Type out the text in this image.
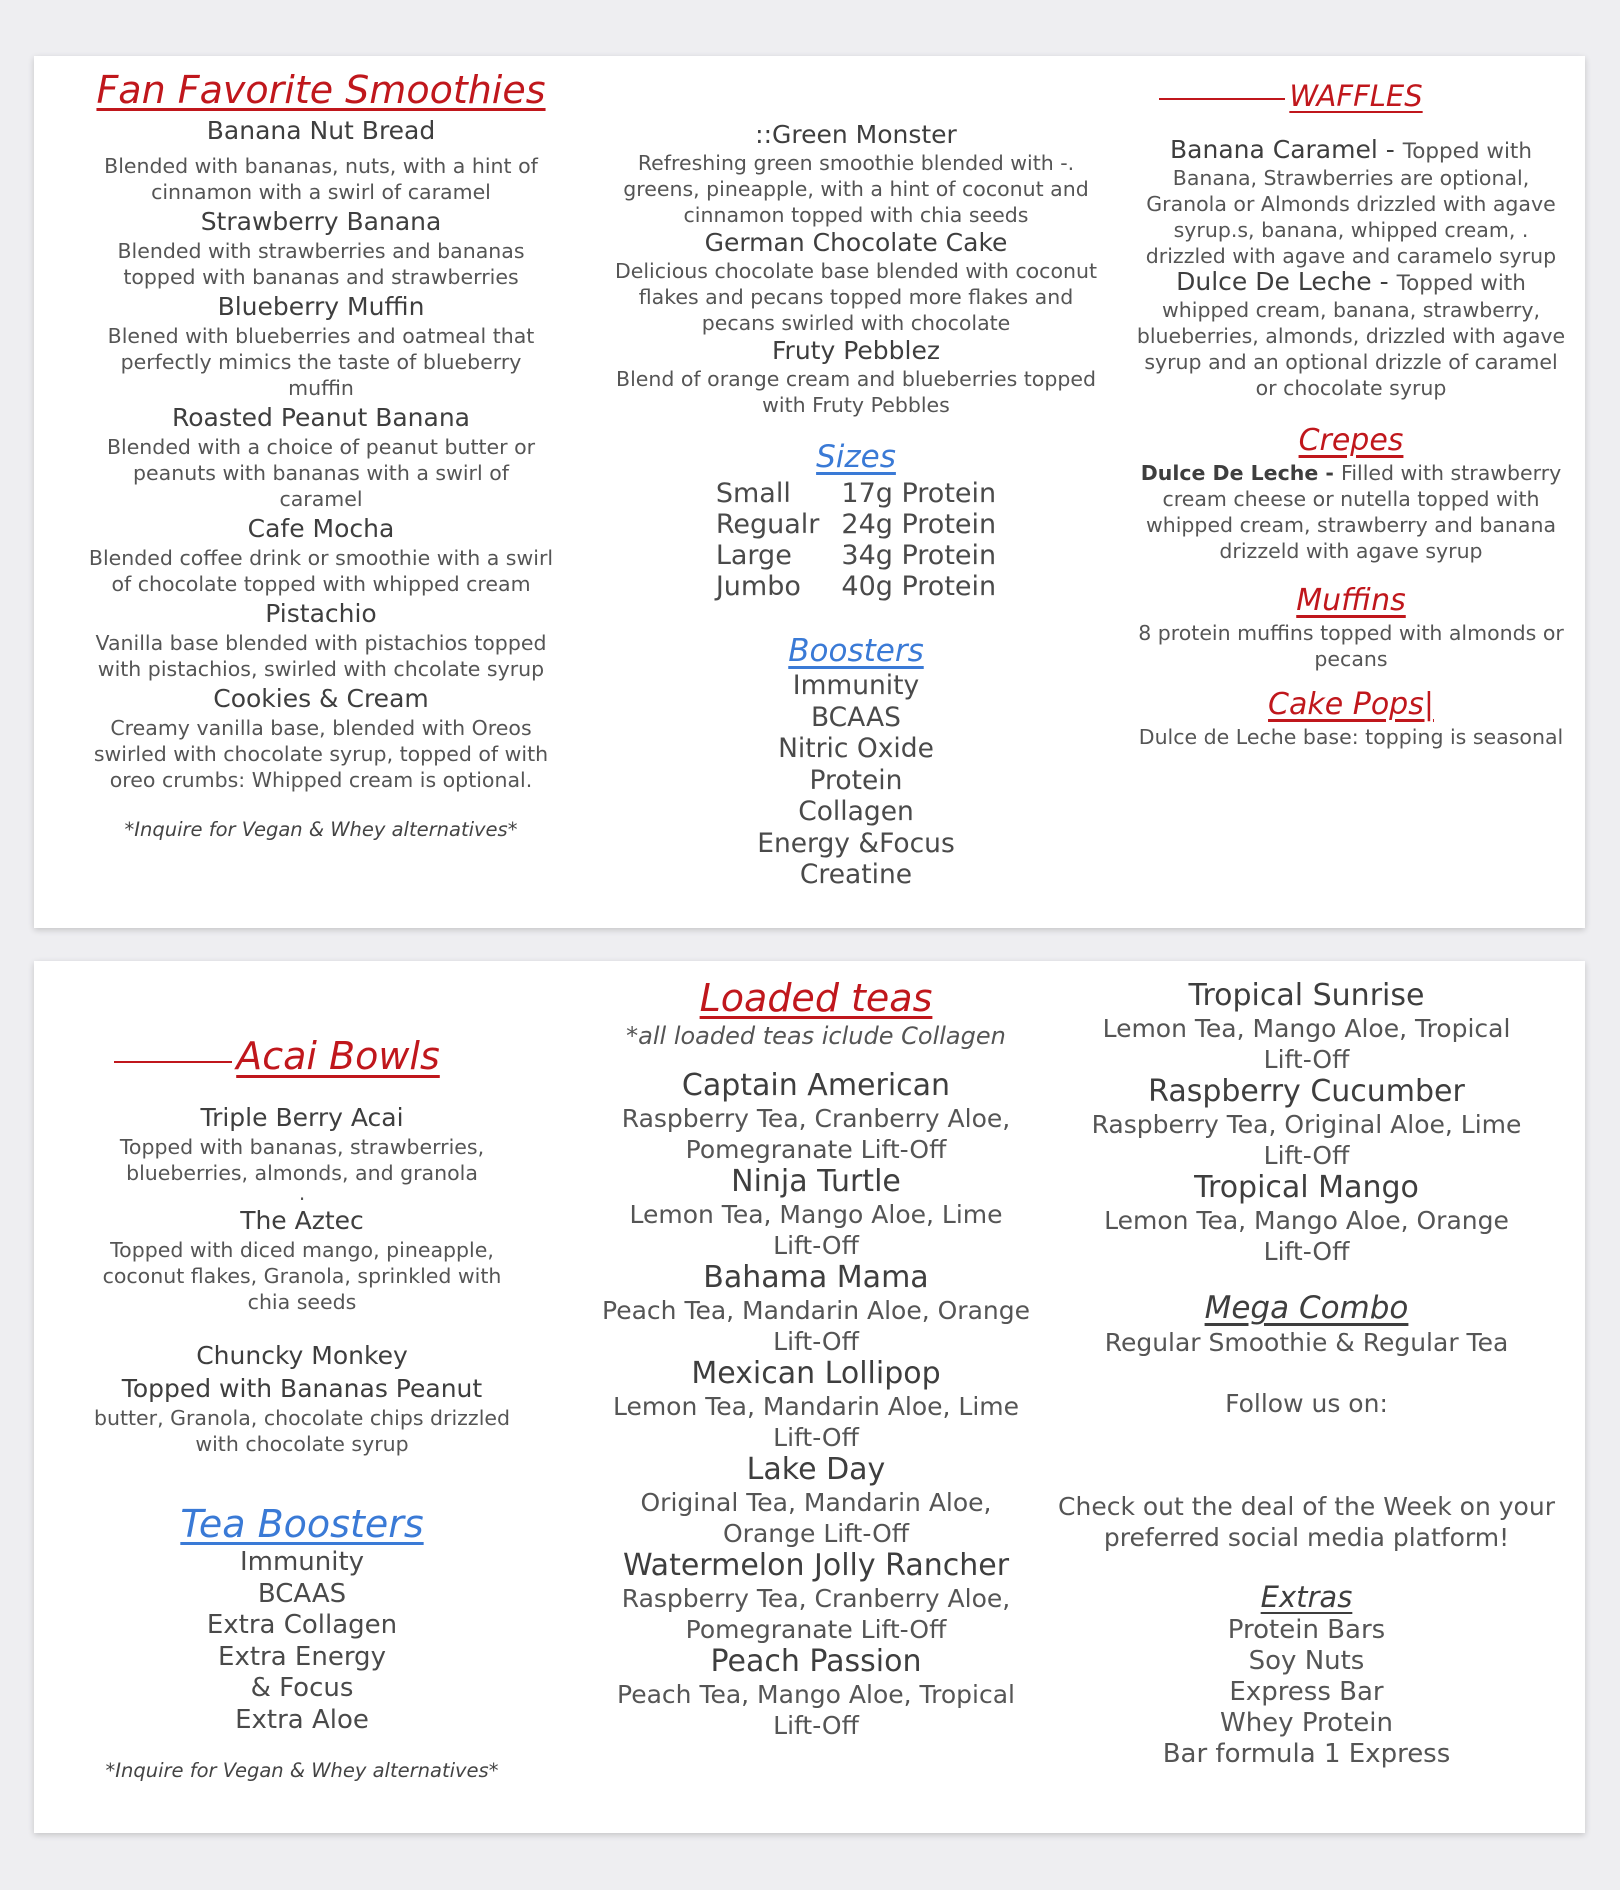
Fan Favorite Smoothies
Banana Nut Bread
Blended with bananas, nuts, with a hint of
cinnamon with a swirl of caramel
Strawberry Banana
Blended with strawberries and bananas
topped with bananas and strawberries
Blueberry Muffin
Blened with blueberries and oatmeal that
perfectly mimics the taste of blueberry
muffin
Roasted Peanut Banana
Blended with a choice of peanut butter or
peanuts with bananas with a swirl of
caramel
Cafe Mocha
Blended coffee drink or smoothie with a swirl
of chocolate topped with whipped cream
Pistachio
Vanilla base blended with pistachios topped
with pistachios, swirled with chcolate syrup
Cookies & Cream
Creamy vanilla base, blended with Oreos
swirled with chocolate syrup, topped of with
oreo crumbs: Whipped cream is optional.
*Inquire for Vegan & Whey alternatives*
::Green Monster
Refreshing green smoothie blended with -.
greens, pineapple, with a hint of coconut and
cinnamon topped with chia seeds
German Chocolate Cake
Delicious chocolate base blended with coconut
flakes and pecans topped more flakes and
pecans swirled with chocolate
Fruty Pebblez
Blend of orange cream and blueberries topped
with Fruty Pebbles
Sizes
Small	17g Protein
Regualr 24g Protein
Large	34g Protein
Jumbo	40g Protein
Boosters
Immunity
BCAAS
Nitric Oxide
Protein
Collagen
Energy &Focus
Creatine
WAFFLES
Banana Caramel - Topped with
Banana, Strawberries are optional,
Granola or Almonds drizzled with agave
syrup.s, banana, whipped cream, .
drizzled with agave and caramelo syrup
Dulce De Leche - Topped with
whipped cream, banana, strawberry,
blueberries, almonds, drizzled with agave
syrup and an optional drizzle of caramel
or chocolate syrup
Crepes
Dulce De Leche - Filled with strawberry
cream cheese or nutella topped with
whipped cream, strawberry and banana
drizzeld with agave syrup
Muffins
8 protein muffins topped with almonds or
pecans
Cake Pops|
Dulce de Leche base: topping is seasonal
Acai Bowls
Triple Berry Acai
Topped with bananas, strawberries,
blueberries, almonds, and granola
.
The Aztec
Topped with diced mango, pineapple,
coconut flakes, Granola, sprinkled with
chia seeds
Chuncky Monkey
Topped with Bananas Peanut
butter, Granola, chocolate chips drizzled
with chocolate syrup
Tea Boosters
Immunity
BCAAS
Extra Collagen
Extra Energy
& Focus
Extra Aloe
*Inquire for Vegan & Whey alternatives*
Loaded teas
*all loaded teas iclude Collagen
Captain American
Raspberry Tea, Cranberry Aloe,
Pomegranate Lift-Off
Ninja Turtle
Lemon Tea, Mango Aloe, Lime
Lift-Off
Bahama Mama
Peach Tea, Mandarin Aloe, Orange
Lift-Off
Mexican Lollipop
Lemon Tea, Mandarin Aloe, Lime
Lift-Off
Lake Day
Original Tea, Mandarin Aloe,
Orange Lift-Off
Watermelon Jolly Rancher
Raspberry Tea, Cranberry Aloe,
Pomegranate Lift-Off
Peach Passion
Peach Tea, Mango Aloe, Tropical
Lift-Off
Tropical Sunrise
Lemon Tea, Mango Aloe, Tropical
Lift-Off
Raspberry Cucumber
Raspberry Tea, Original Aloe, Lime
Lift-Off
Tropical Mango
Lemon Tea, Mango Aloe, Orange
Lift-Off
Mega Combo
Regular Smoothie & Regular Tea
Follow us on:
Check out the deal of the Week on your
preferred social media platform!
Extras
Protein Bars
Soy Nuts
Express Bar
Whey Protein
Bar formula 1 Express
